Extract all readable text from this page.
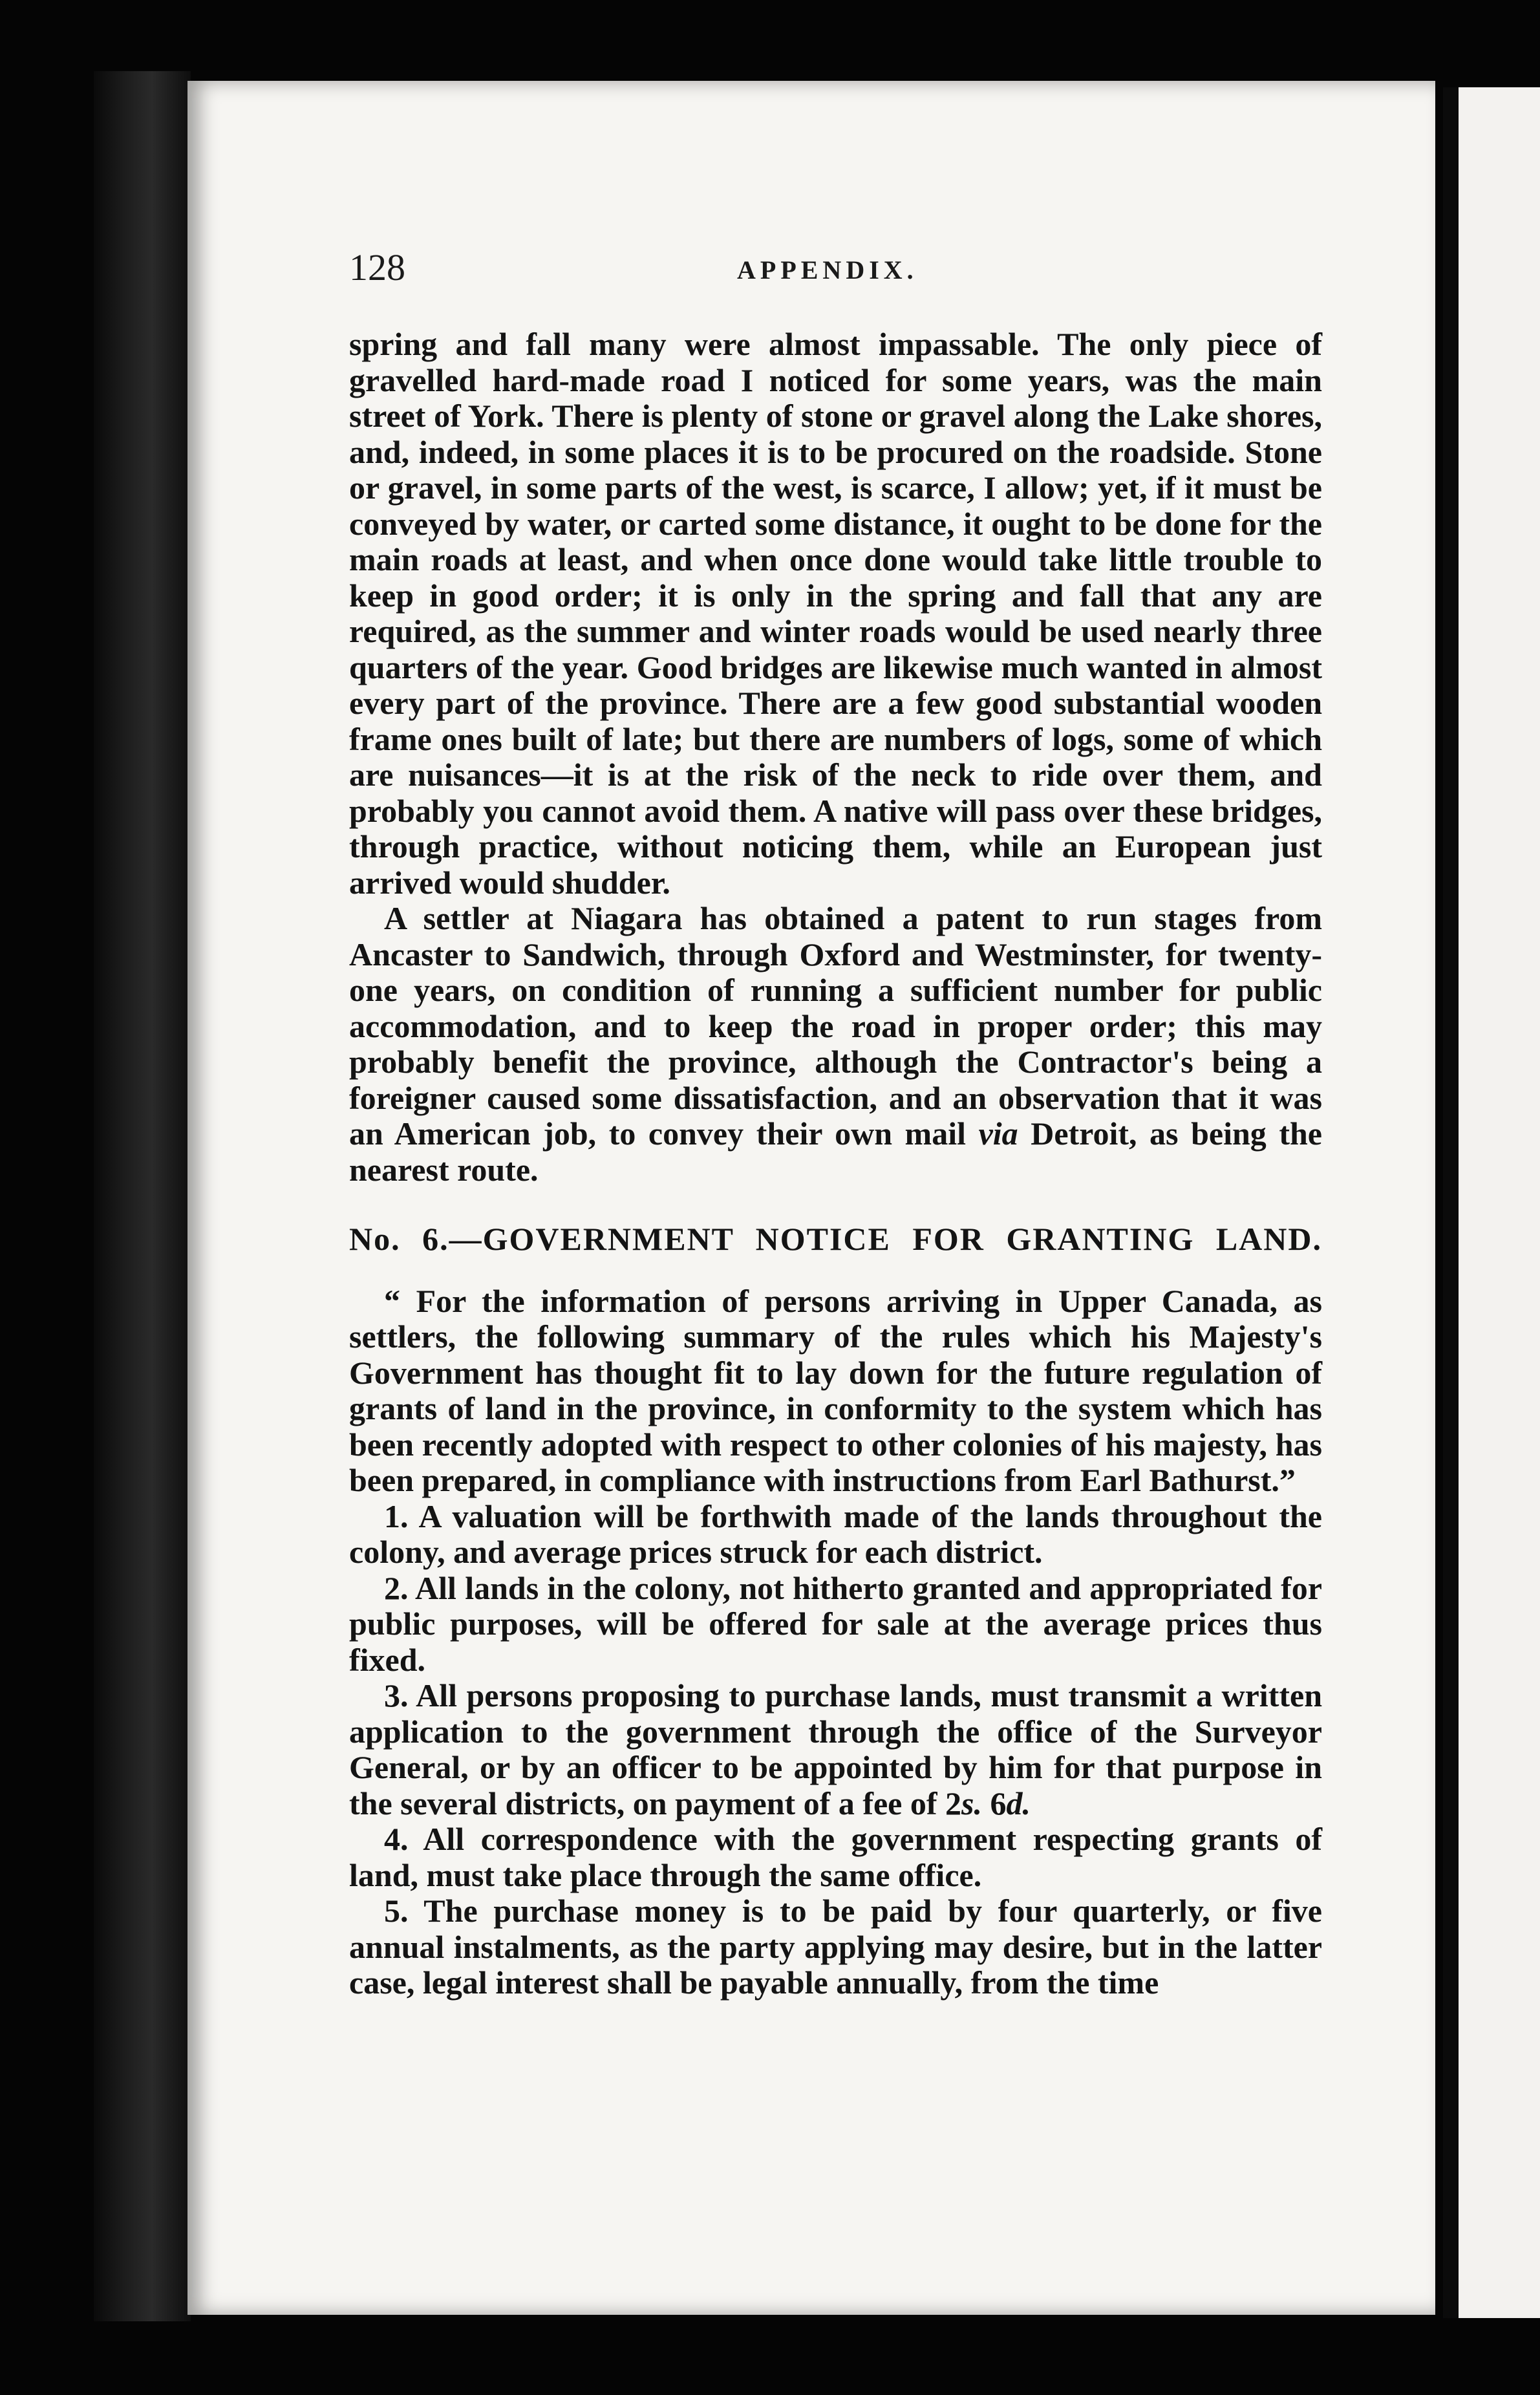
128	APPENDIX.

spring and fall many were almost impassable. The only piece of gravelled hard-made road I noticed for some years, was the main street of York. There is plenty of stone or gravel along the Lake shores, and, indeed, in some places it is to be procured on the roadside. Stone or gravel, in some parts of the west, is scarce, I allow; yet, if it must be conveyed by water, or carted some distance, it ought to be done for the main roads at least, and when once done would take little trouble to keep in good order; it is only in the spring and fall that any are required, as the summer and winter roads would be used nearly three quarters of the year. Good bridges are likewise much wanted in almost every part of the province. There are a few good substantial wooden frame ones built of late; but there are numbers of logs, some of which are nuisances—it is at the risk of the neck to ride over them, and probably you cannot avoid them. A native will pass over these bridges, through practice, without noticing them, while an European just arrived would shudder.

A settler at Niagara has obtained a patent to run stages from Ancaster to Sandwich, through Oxford and Westminster, for twenty-one years, on condition of running a sufficient number for public accommodation, and to keep the road in proper order; this may probably benefit the province, although the Contractor's being a foreigner caused some dissatisfaction, and an observation that it was an American job, to convey their own mail via Detroit, as being the nearest route.

No. 6.—GOVERNMENT NOTICE FOR GRANTING LAND.

“ For the information of persons arriving in Upper Canada, as settlers, the following summary of the rules which his Majesty's Government has thought fit to lay down for the future regulation of grants of land in the province, in conformity to the system which has been recently adopted with respect to other colonies of his majesty, has been prepared, in compliance with instructions from Earl Bathurst.”

1. A valuation will be forthwith made of the lands throughout the colony, and average prices struck for each district.

2. All lands in the colony, not hitherto granted and appropriated for public purposes, will be offered for sale at the average prices thus fixed.

3. All persons proposing to purchase lands, must transmit a written application to the government through the office of the Surveyor General, or by an officer to be appointed by him for that purpose in the several districts, on payment of a fee of 2s. 6d.

4. All correspondence with the government respecting grants of land, must take place through the same office.

5. The purchase money is to be paid by four quarterly, or five annual instalments, as the party applying may desire, but in the latter case, legal interest shall be payable annually, from the time
